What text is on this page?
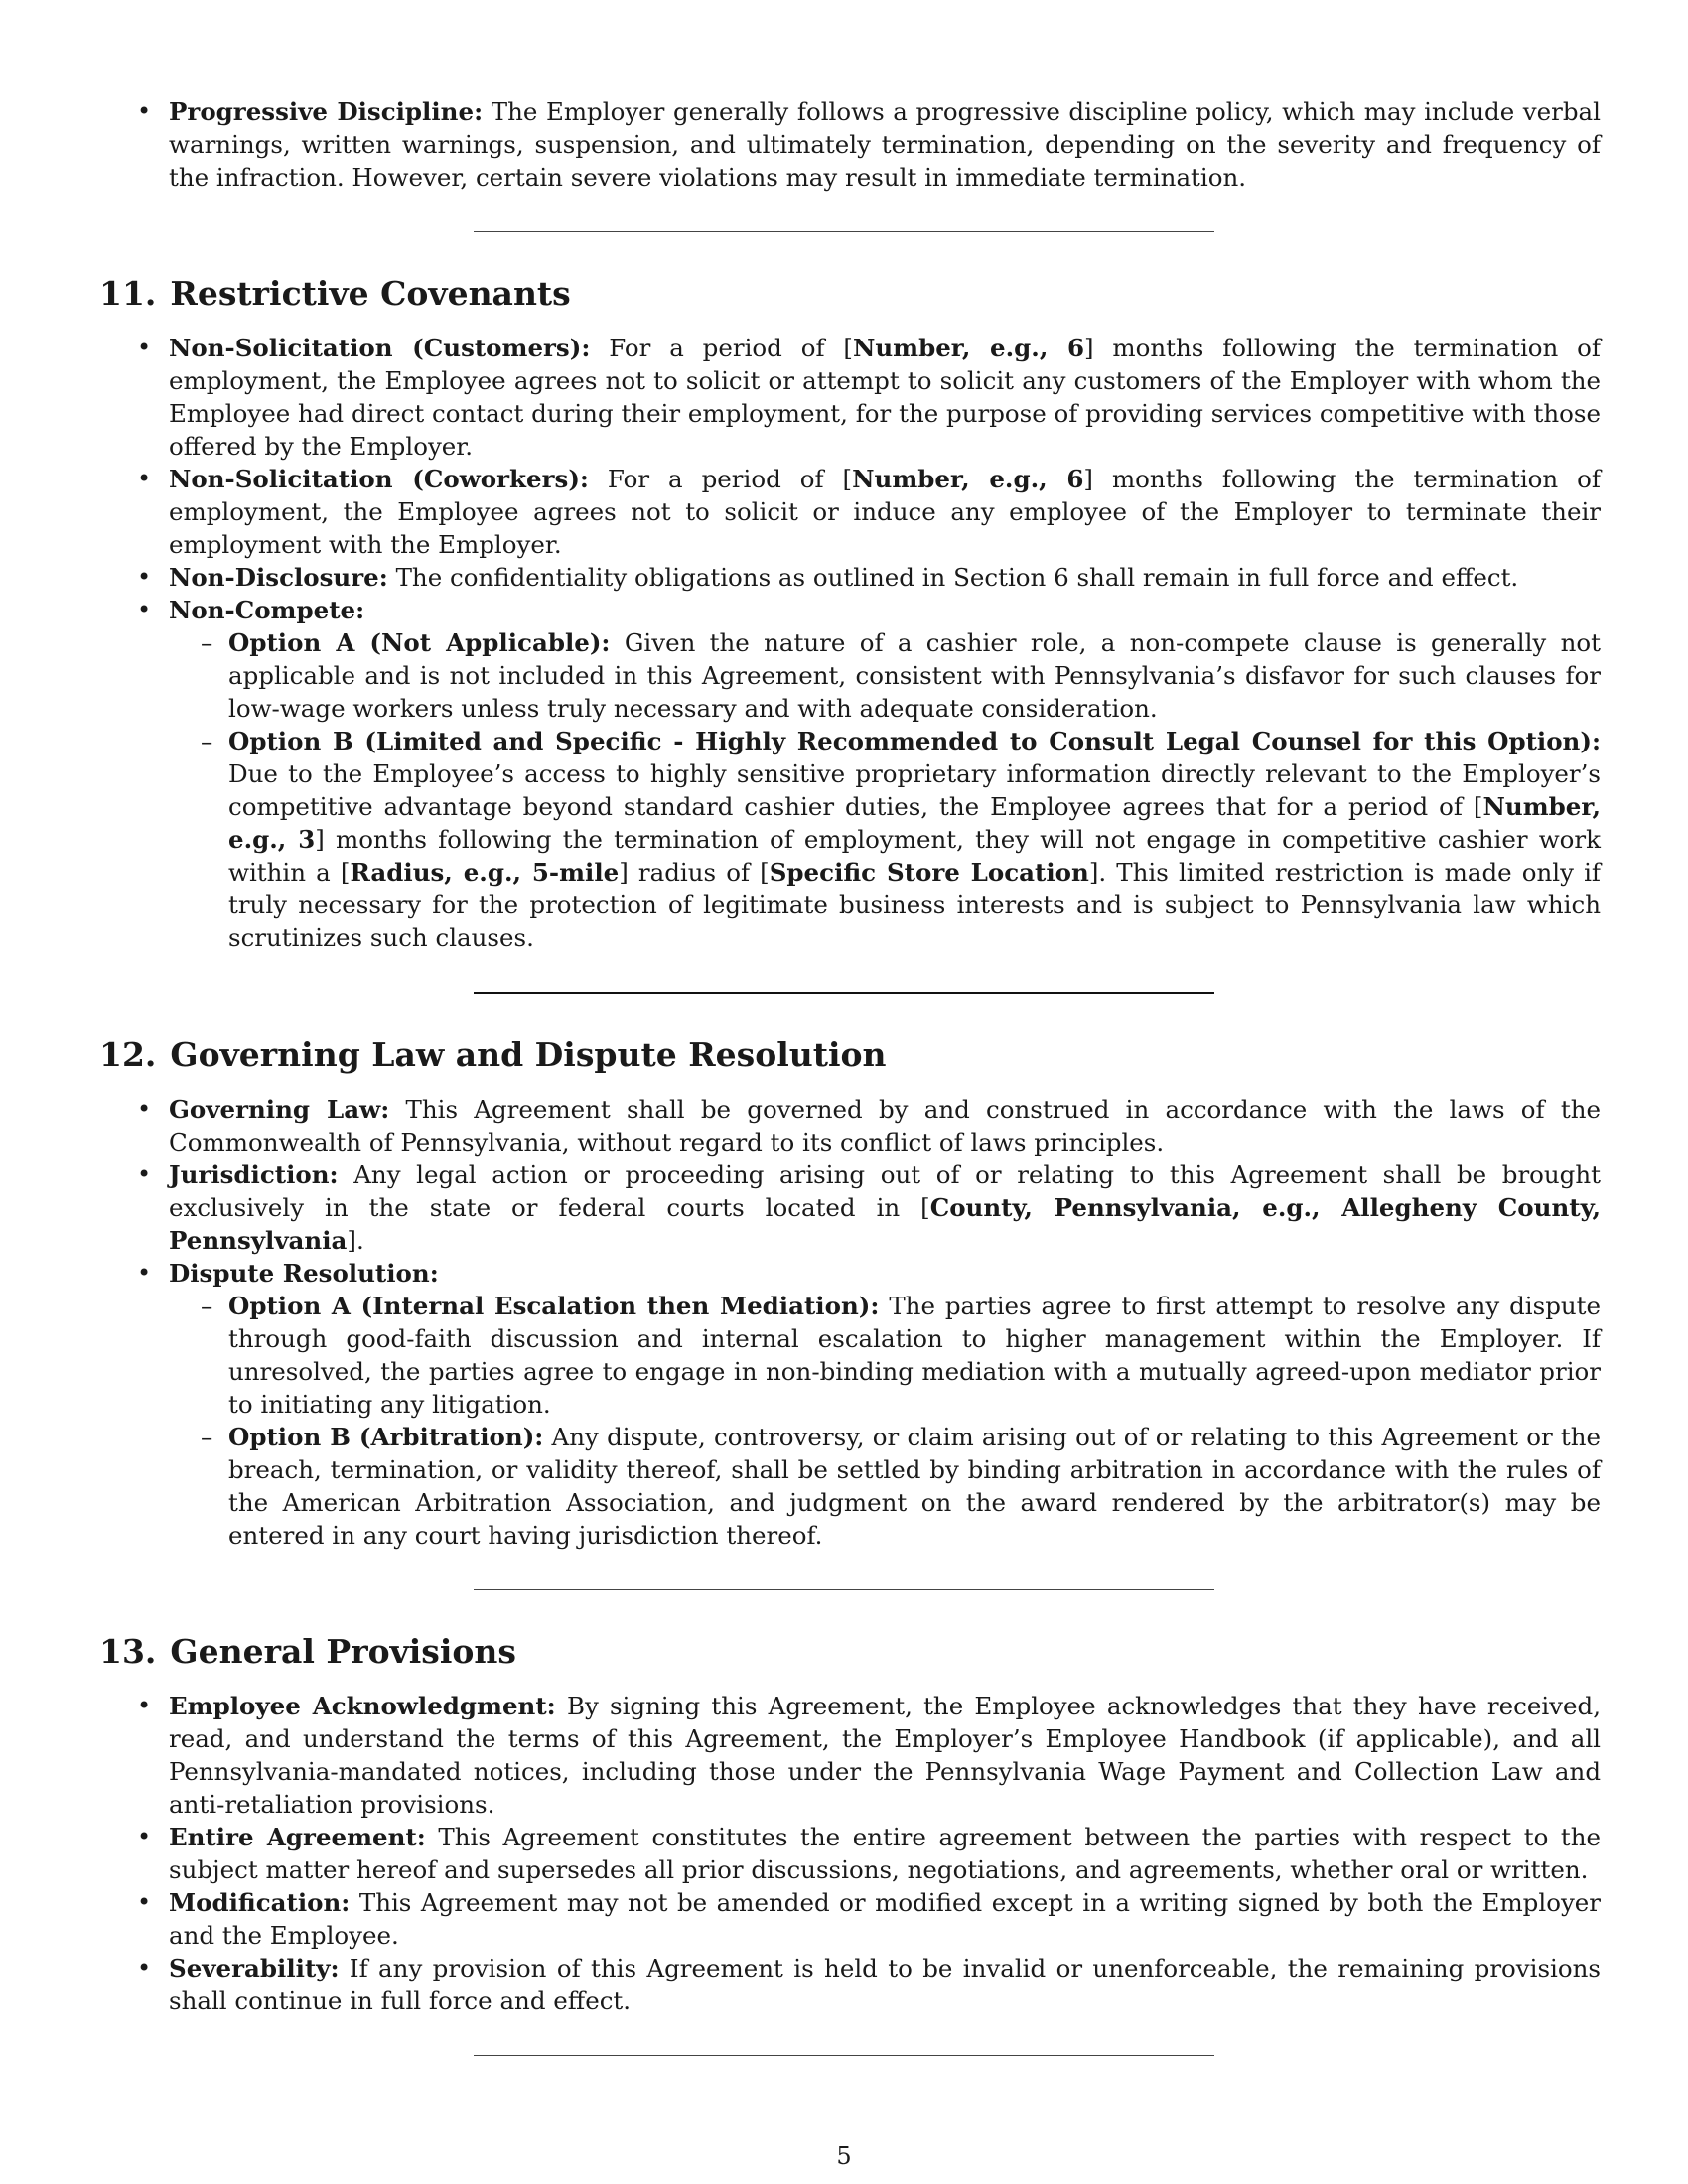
• Progressive Discipline: The Employer generally follows a progressive discipline policy, which may include verbal warnings, written warnings, suspension, and ultimately termination, depending on the severity and frequency of the infraction. However, certain severe violations may result in immediate termination.
11. Restrictive Covenants
• Non-Solicitation (Customers): For a period of [Number, e.g., 6] months following the termination of employment, the Employee agrees not to solicit or attempt to solicit any customers of the Employer with whom the Employee had direct contact during their employment, for the purpose of providing services competitive with those offered by the Employer.
• Non-Solicitation (Coworkers): For a period of [Number, e.g., 6] months following the termination of employment, the Employee agrees not to solicit or induce any employee of the Employer to terminate their employment with the Employer.
• Non-Disclosure: The confidentiality obligations as outlined in Section 6 shall remain in full force and effect.
• Non-Compete:
– Option A (Not Applicable): Given the nature of a cashier role, a non-compete clause is generally not applicable and is not included in this Agreement, consistent with Pennsylvania’s disfavor for such clauses for low-wage workers unless truly necessary and with adequate consideration.
– Option B (Limited and Specific - Highly Recommended to Consult Legal Counsel for this Option): Due to the Employee’s access to highly sensitive proprietary information directly relevant to the Employer’s competitive advantage beyond standard cashier duties, the Employee agrees that for a period of [Number, e.g., 3] months following the termination of employment, they will not engage in competitive cashier work within a [Radius, e.g., 5-mile] radius of [Specific Store Location]. This limited restriction is made only if truly necessary for the protection of legitimate business interests and is subject to Pennsylvania law which scrutinizes such clauses.
12. Governing Law and Dispute Resolution
• Governing Law: This Agreement shall be governed by and construed in accordance with the laws of the Commonwealth of Pennsylvania, without regard to its conflict of laws principles.
• Jurisdiction: Any legal action or proceeding arising out of or relating to this Agreement shall be brought exclusively in the state or federal courts located in [County, Pennsylvania, e.g., Allegheny County, Pennsylvania].
• Dispute Resolution:
– Option A (Internal Escalation then Mediation): The parties agree to first attempt to resolve any dispute through good-faith discussion and internal escalation to higher management within the Employer. If unresolved, the parties agree to engage in non-binding mediation with a mutually agreed-upon mediator prior to initiating any litigation.
– Option B (Arbitration): Any dispute, controversy, or claim arising out of or relating to this Agreement or the breach, termination, or validity thereof, shall be settled by binding arbitration in accordance with the rules of the American Arbitration Association, and judgment on the award rendered by the arbitrator(s) may be entered in any court having jurisdiction thereof.
13. General Provisions
• Employee Acknowledgment: By signing this Agreement, the Employee acknowledges that they have received, read, and understand the terms of this Agreement, the Employer’s Employee Handbook (if applicable), and all Pennsylvania-mandated notices, including those under the Pennsylvania Wage Payment and Collection Law and anti-retaliation provisions.
• Entire Agreement: This Agreement constitutes the entire agreement between the parties with respect to the subject matter hereof and supersedes all prior discussions, negotiations, and agreements, whether oral or written.
• Modification: This Agreement may not be amended or modified except in a writing signed by both the Employer and the Employee.
• Severability: If any provision of this Agreement is held to be invalid or unenforceable, the remaining provisions shall continue in full force and effect.
5
